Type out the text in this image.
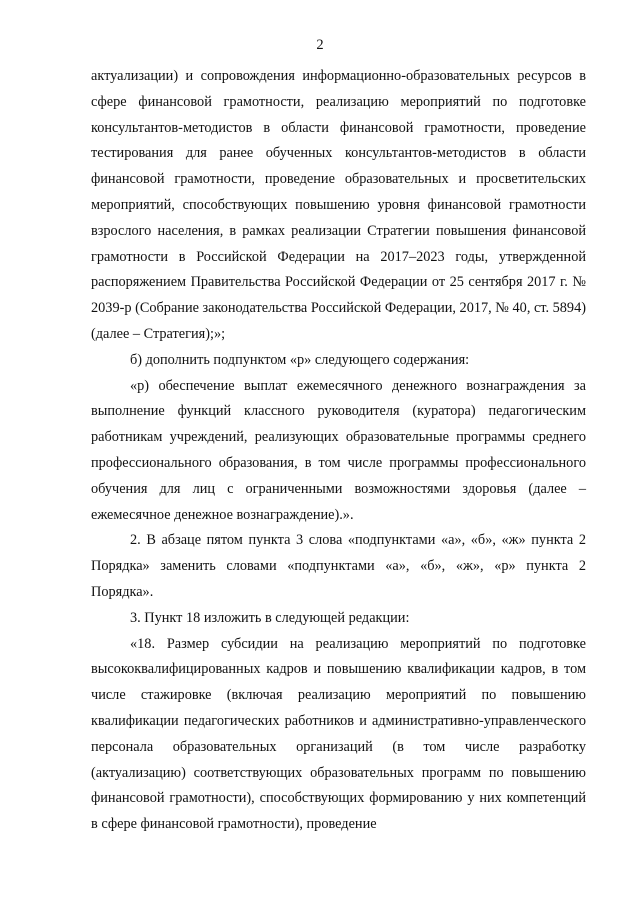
2

актуализации) и сопровождения информационно-образовательных ресурсов в сфере финансовой грамотности, реализацию мероприятий по подготовке консультантов-методистов в области финансовой грамотности, проведение тестирования для ранее обученных консультантов-методистов в области финансовой грамотности, проведение образовательных и просветительских мероприятий, способствующих повышению уровня финансовой грамотности взрослого населения, в рамках реализации Стратегии повышения финансовой грамотности в Российской Федерации на 2017–2023 годы, утвержденной распоряжением Правительства Российской Федерации от 25 сентября 2017 г. № 2039-р (Собрание законодательства Российской Федерации, 2017, № 40, ст. 5894) (далее – Стратегия);»;

б) дополнить подпунктом «р» следующего содержания:

«р) обеспечение выплат ежемесячного денежного вознаграждения за выполнение функций классного руководителя (куратора) педагогическим работникам учреждений, реализующих образовательные программы среднего профессионального образования, в том числе программы профессионального обучения для лиц с ограниченными возможностями здоровья (далее – ежемесячное денежное вознаграждение).».

2. В абзаце пятом пункта 3 слова «подпунктами «а», «б», «ж» пункта 2 Порядка» заменить словами «подпунктами «а», «б», «ж», «р» пункта 2 Порядка».

3. Пункт 18 изложить в следующей редакции:

«18. Размер субсидии на реализацию мероприятий по подготовке высококвалифицированных кадров и повышению квалификации кадров, в том числе стажировке (включая реализацию мероприятий по повышению квалификации педагогических работников и административно-управленческого персонала образовательных организаций (в том числе разработку (актуализацию) соответствующих образовательных программ по повышению финансовой грамотности), способствующих формированию у них компетенций в сфере финансовой грамотности), проведение
